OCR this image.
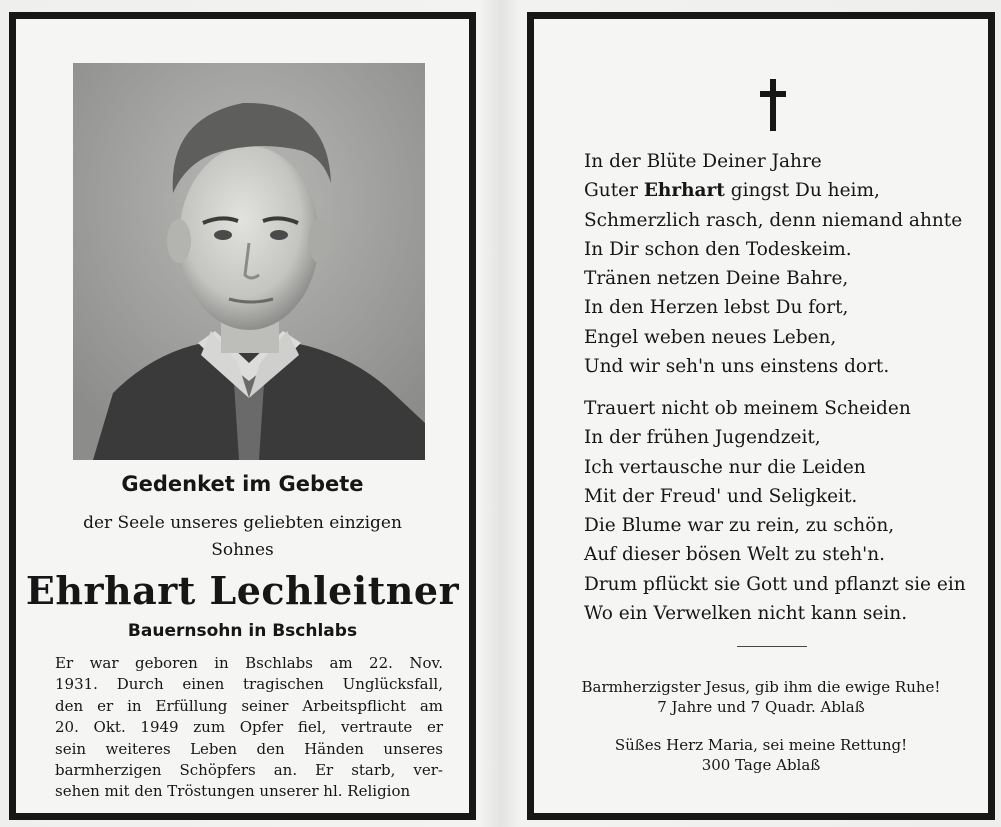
Gedenket im Gebete

der Seele unseres geliebten einzigen

Sohnes

Ehrhart Lechleitner

Bauernsohn in Bschlabs

Er war geboren in Bschlabs am 22. Nov.
1931. Durch einen tragischen Unglücksfall,
den er in Erfüllung seiner Arbeitspflicht am
20. Okt. 1949 zum Opfer fiel, vertraute er
sein weiteres Leben den Händen unseres
barmherzigen Schöpfers an. Er starb, ver-
sehen mit den Tröstungen unserer hl. Religion

In der Blüte Deiner Jahre
Guter Ehrhart gingst Du heim,
Schmerzlich rasch, denn niemand ahnte
In Dir schon den Todeskeim.
Tränen netzen Deine Bahre,
In den Herzen lebst Du fort,
Engel weben neues Leben,
Und wir seh'n uns einstens dort.

Trauert nicht ob meinem Scheiden
In der frühen Jugendzeit,
Ich vertausche nur die Leiden
Mit der Freud' und Seligkeit.
Die Blume war zu rein, zu schön,
Auf dieser bösen Welt zu steh'n.
Drum pflückt sie Gott und pflanzt sie ein
Wo ein Verwelken nicht kann sein.

Barmherzigster Jesus, gib ihm die ewige Ruhe!
7 Jahre und 7 Quadr. Ablaß

Süßes Herz Maria, sei meine Rettung!
300 Tage Ablaß
